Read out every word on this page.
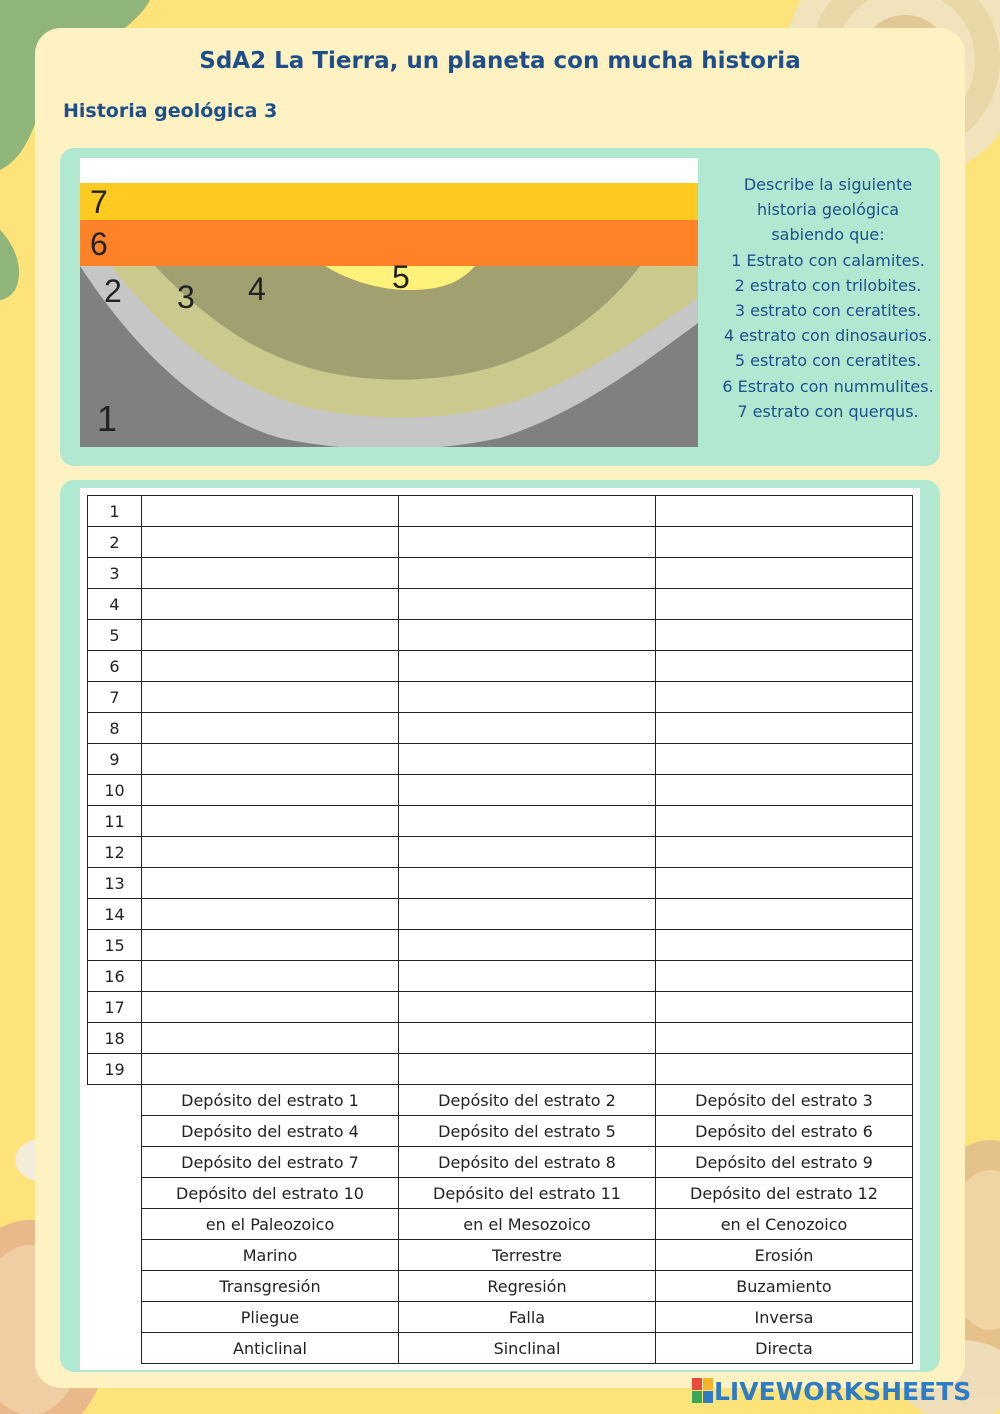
SdA2 La Tierra, un planeta con mucha historia
Historia geológica 3
7
6
5
4
3
2
1
Describe la siguiente
historia geológica
sabiendo que:
1 Estrato con calamites.
2 estrato con trilobites.
3 estrato con ceratites.
4 estrato con dinosaurios.
5 estrato con ceratites.
6 Estrato con nummulites.
7 estrato con querqus.
1			
2			
3			
4			
5			
6			
7			
8			
9			
10			
11			
12			
13			
14			
15			
16			
17			
18			
19			
	Depósito del estrato 1	Depósito del estrato 2	Depósito del estrato 3
	Depósito del estrato 4	Depósito del estrato 5	Depósito del estrato 6
	Depósito del estrato 7	Depósito del estrato 8	Depósito del estrato 9
	Depósito del estrato 10	Depósito del estrato 11	Depósito del estrato 12
	en el Paleozoico	en el Mesozoico	en el Cenozoico
	Marino	Terrestre	Erosión
	Transgresión	Regresión	Buzamiento
	Pliegue	Falla	Inversa
	Anticlinal	Sinclinal	Directa
LIVEWORKSHEETS
